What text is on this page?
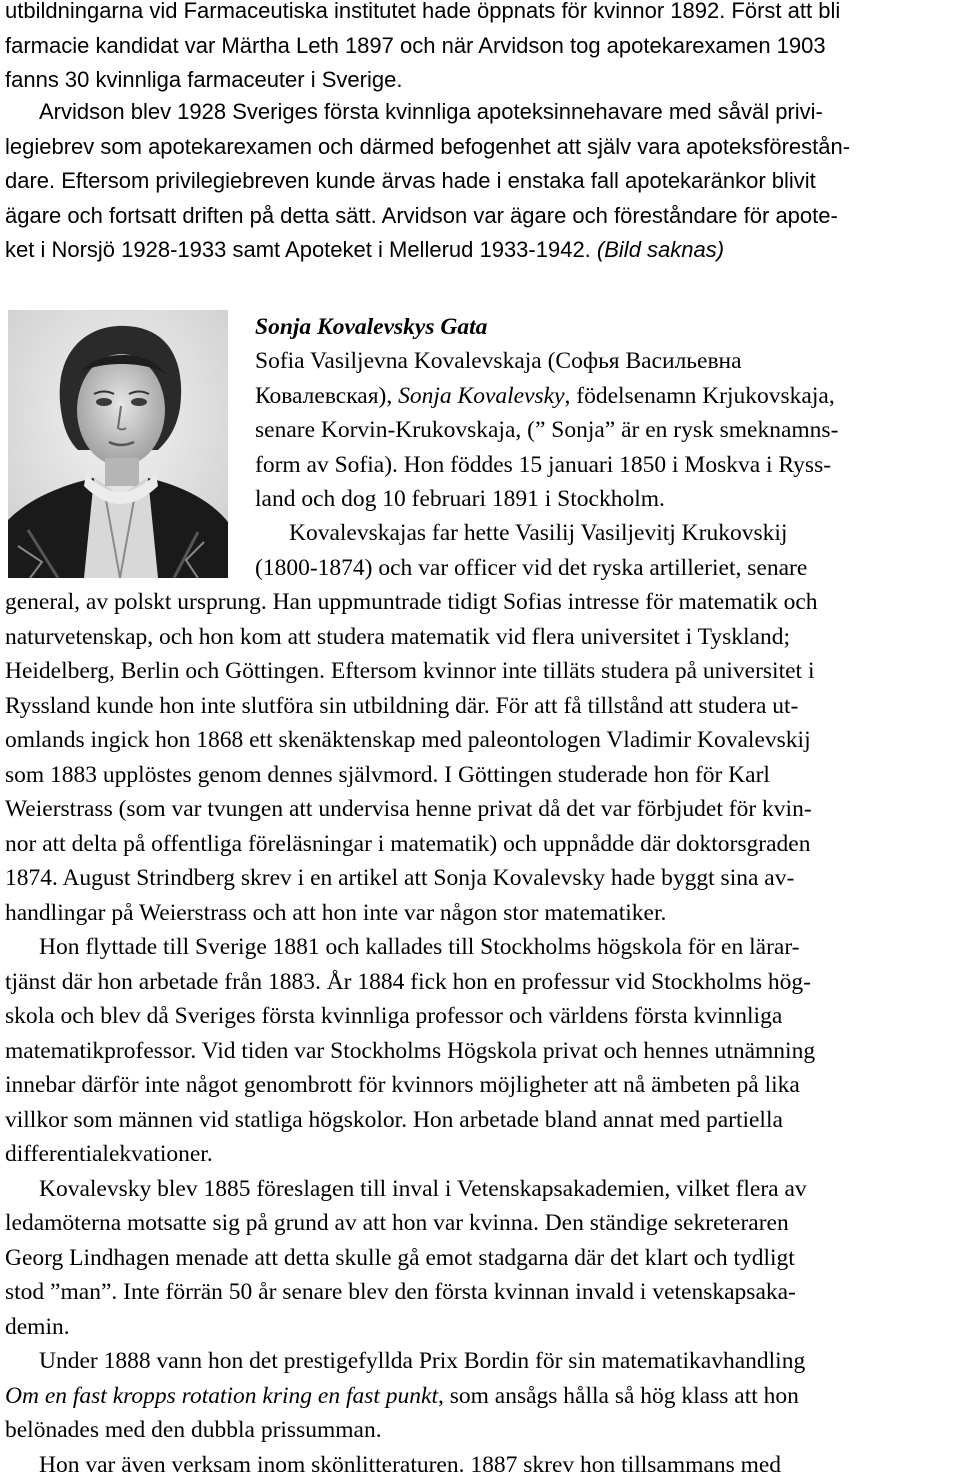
utbildningarna vid Farmaceutiska institutet hade öppnats för kvinnor 1892. Först att bli

farmacie kandidat var Märtha Leth 1897 och när Arvidson tog apotekarexamen 1903

fanns 30 kvinnliga farmaceuter i Sverige.

Arvidson blev 1928 Sveriges första kvinnliga apoteksinnehavare med såväl privi-

legiebrev som apotekarexamen och därmed befogenhet att själv vara apoteksförestån-

dare. Eftersom privilegiebreven kunde ärvas hade i enstaka fall apotekaränkor blivit

ägare och fortsatt driften på detta sätt. Arvidson var ägare och föreståndare för apote-

ket i Norsjö 1928-1933 samt Apoteket i Mellerud 1933-1942. (Bild saknas)

Sonja Kovalevskys Gata

Sofia Vasiljevna Kovalevskaja (Софья Васильевна

Ковалевская), Sonja Kovalevsky, födelsenamn Krjukovskaja,

senare Korvin-Krukovskaja, (” Sonja” är en rysk smeknamns-

form av Sofia). Hon föddes 15 januari 1850 i Moskva i Ryss-

land och dog 10 februari 1891 i Stockholm.

Kovalevskajas far hette Vasilij Vasiljevitj Krukovskij

(1800-1874) och var officer vid det ryska artilleriet, senare

general, av polskt ursprung. Han uppmuntrade tidigt Sofias intresse för matematik och

naturvetenskap, och hon kom att studera matematik vid flera universitet i Tyskland;

Heidelberg, Berlin och Göttingen. Eftersom kvinnor inte tilläts studera på universitet i

Ryssland kunde hon inte slutföra sin utbildning där. För att få tillstånd att studera ut-

omlands ingick hon 1868 ett skenäktenskap med paleontologen Vladimir Kovalevskij

som 1883 upplöstes genom dennes självmord. I Göttingen studerade hon för Karl

Weierstrass (som var tvungen att undervisa henne privat då det var förbjudet för kvin-

nor att delta på offentliga föreläsningar i matematik) och uppnådde där doktorsgraden

1874. August Strindberg skrev i en artikel att Sonja Kovalevsky hade byggt sina av-

handlingar på Weierstrass och att hon inte var någon stor matematiker.

Hon flyttade till Sverige 1881 och kallades till Stockholms högskola för en lärar-

tjänst där hon arbetade från 1883. År 1884 fick hon en professur vid Stockholms hög-

skola och blev då Sveriges första kvinnliga professor och världens första kvinnliga

matematikprofessor. Vid tiden var Stockholms Högskola privat och hennes utnämning

innebar därför inte något genombrott för kvinnors möjligheter att nå ämbeten på lika

villkor som männen vid statliga högskolor. Hon arbetade bland annat med partiella

differentialekvationer.

Kovalevsky blev 1885 föreslagen till inval i Vetenskapsakademien, vilket flera av

ledamöterna motsatte sig på grund av att hon var kvinna. Den ständige sekreteraren

Georg Lindhagen menade att detta skulle gå emot stadgarna där det klart och tydligt

stod ”man”. Inte förrän 50 år senare blev den första kvinnan invald i vetenskapsaka-

demin.

Under 1888 vann hon det prestigefyllda Prix Bordin för sin matematikavhandling

Om en fast kropps rotation kring en fast punkt, som ansågs hålla så hög klass att hon

belönades med den dubbla prissumman.

Hon var även verksam inom skönlitteraturen. 1887 skrev hon tillsammans med
